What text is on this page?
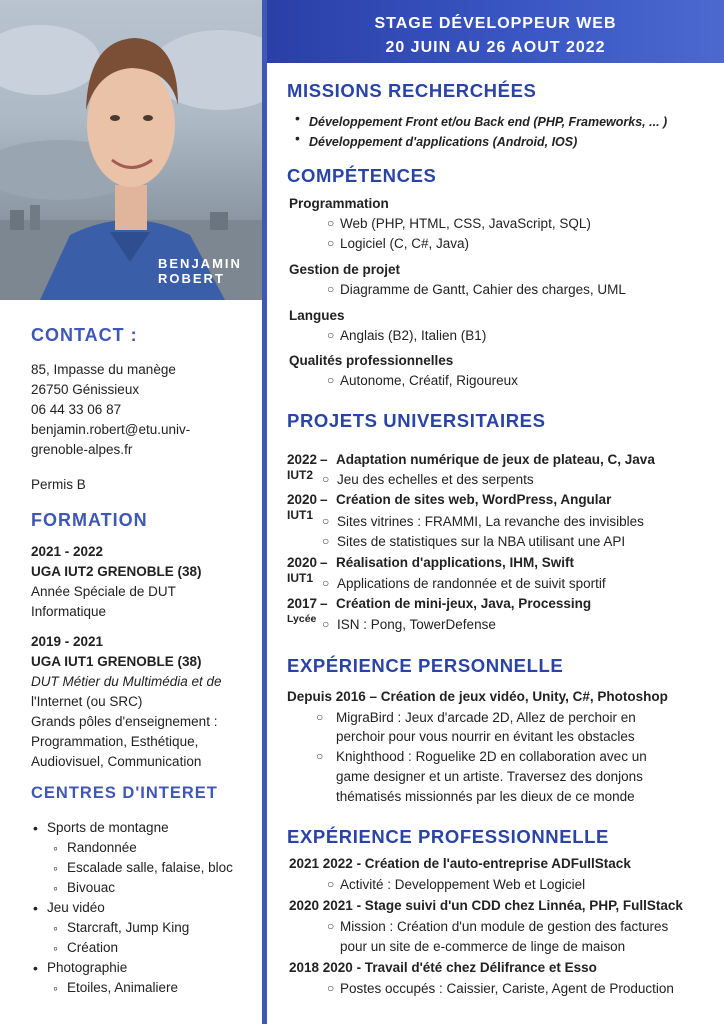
BENJAMIN
ROBERT
CONTACT :
85, Impasse du manège
26750 Génissieux
06 44 33 06 87
benjamin.robert@etu.univ-
grenoble-alpes.fr
Permis B
FORMATION
2021 - 2022
UGA IUT2 GRENOBLE (38)
Année Spéciale de DUT
Informatique
2019 - 2021
UGA IUT1 GRENOBLE (38)
DUT Métier du Multimédia et de
l'Internet (ou SRC)
Grands pôles d'enseignement :
Programmation, Esthétique,
Audiovisuel, Communication
CENTRES D'INTERET
• Sports de montagne
◦ Randonnée
◦ Escalade salle, falaise, bloc
◦ Bivouac
• Jeu vidéo
◦ Starcraft, Jump King
◦ Création
• Photographie
◦ Etoiles, Animaliere
STAGE DÉVELOPPEUR WEB
20 JUIN AU 26 AOUT 2022
MISSIONS RECHERCHÉES
• Développement Front et/ou Back end (PHP, Frameworks, ... )
• Développement d'applications (Android, IOS)
COMPÉTENCES
Programmation
○ Web (PHP, HTML, CSS, JavaScript, SQL)
○ Logiciel (C, C#, Java)
Gestion de projet
○ Diagramme de Gantt, Cahier des charges, UML
Langues
○ Anglais (B2), Italien (B1)
Qualités professionnelles
○ Autonome, Créatif, Rigoureux
PROJETS UNIVERSITAIRES
2022 – Adaptation numérique de jeux de plateau, C, Java
IUT2 ○ Jeu des echelles et des serpents
2020 – Création de sites web, WordPress, Angular
IUT1 ○ Sites vitrines : FRAMMI, La revanche des invisibles
○ Sites de statistiques sur la NBA utilisant une API
2020 – Réalisation d'applications, IHM, Swift
IUT1 ○ Applications de randonnée et de suivit sportif
2017 – Création de mini-jeux, Java, Processing
Lycée ○ ISN : Pong, TowerDefense
EXPÉRIENCE PERSONNELLE
Depuis 2016 – Création de jeux vidéo, Unity, C#, Photoshop
○ MigraBird : Jeux d'arcade 2D, Allez de perchoir en
perchoir pour vous nourrir en évitant les obstacles
○ Knighthood : Roguelike 2D en collaboration avec un
game designer et un artiste. Traversez des donjons
thématisés missionnés par les dieux de ce monde
EXPÉRIENCE PROFESSIONNELLE
2021 2022 - Création de l'auto-entreprise ADFullStack
○ Activité : Developpement Web et Logiciel
2020 2021 - Stage suivi d'un CDD chez Linnéa, PHP, FullStack
○ Mission : Création d'un module de gestion des factures
pour un site de e-commerce de linge de maison
2018 2020 - Travail d'été chez Délifrance et Esso
○ Postes occupés : Caissier, Cariste, Agent de Production
